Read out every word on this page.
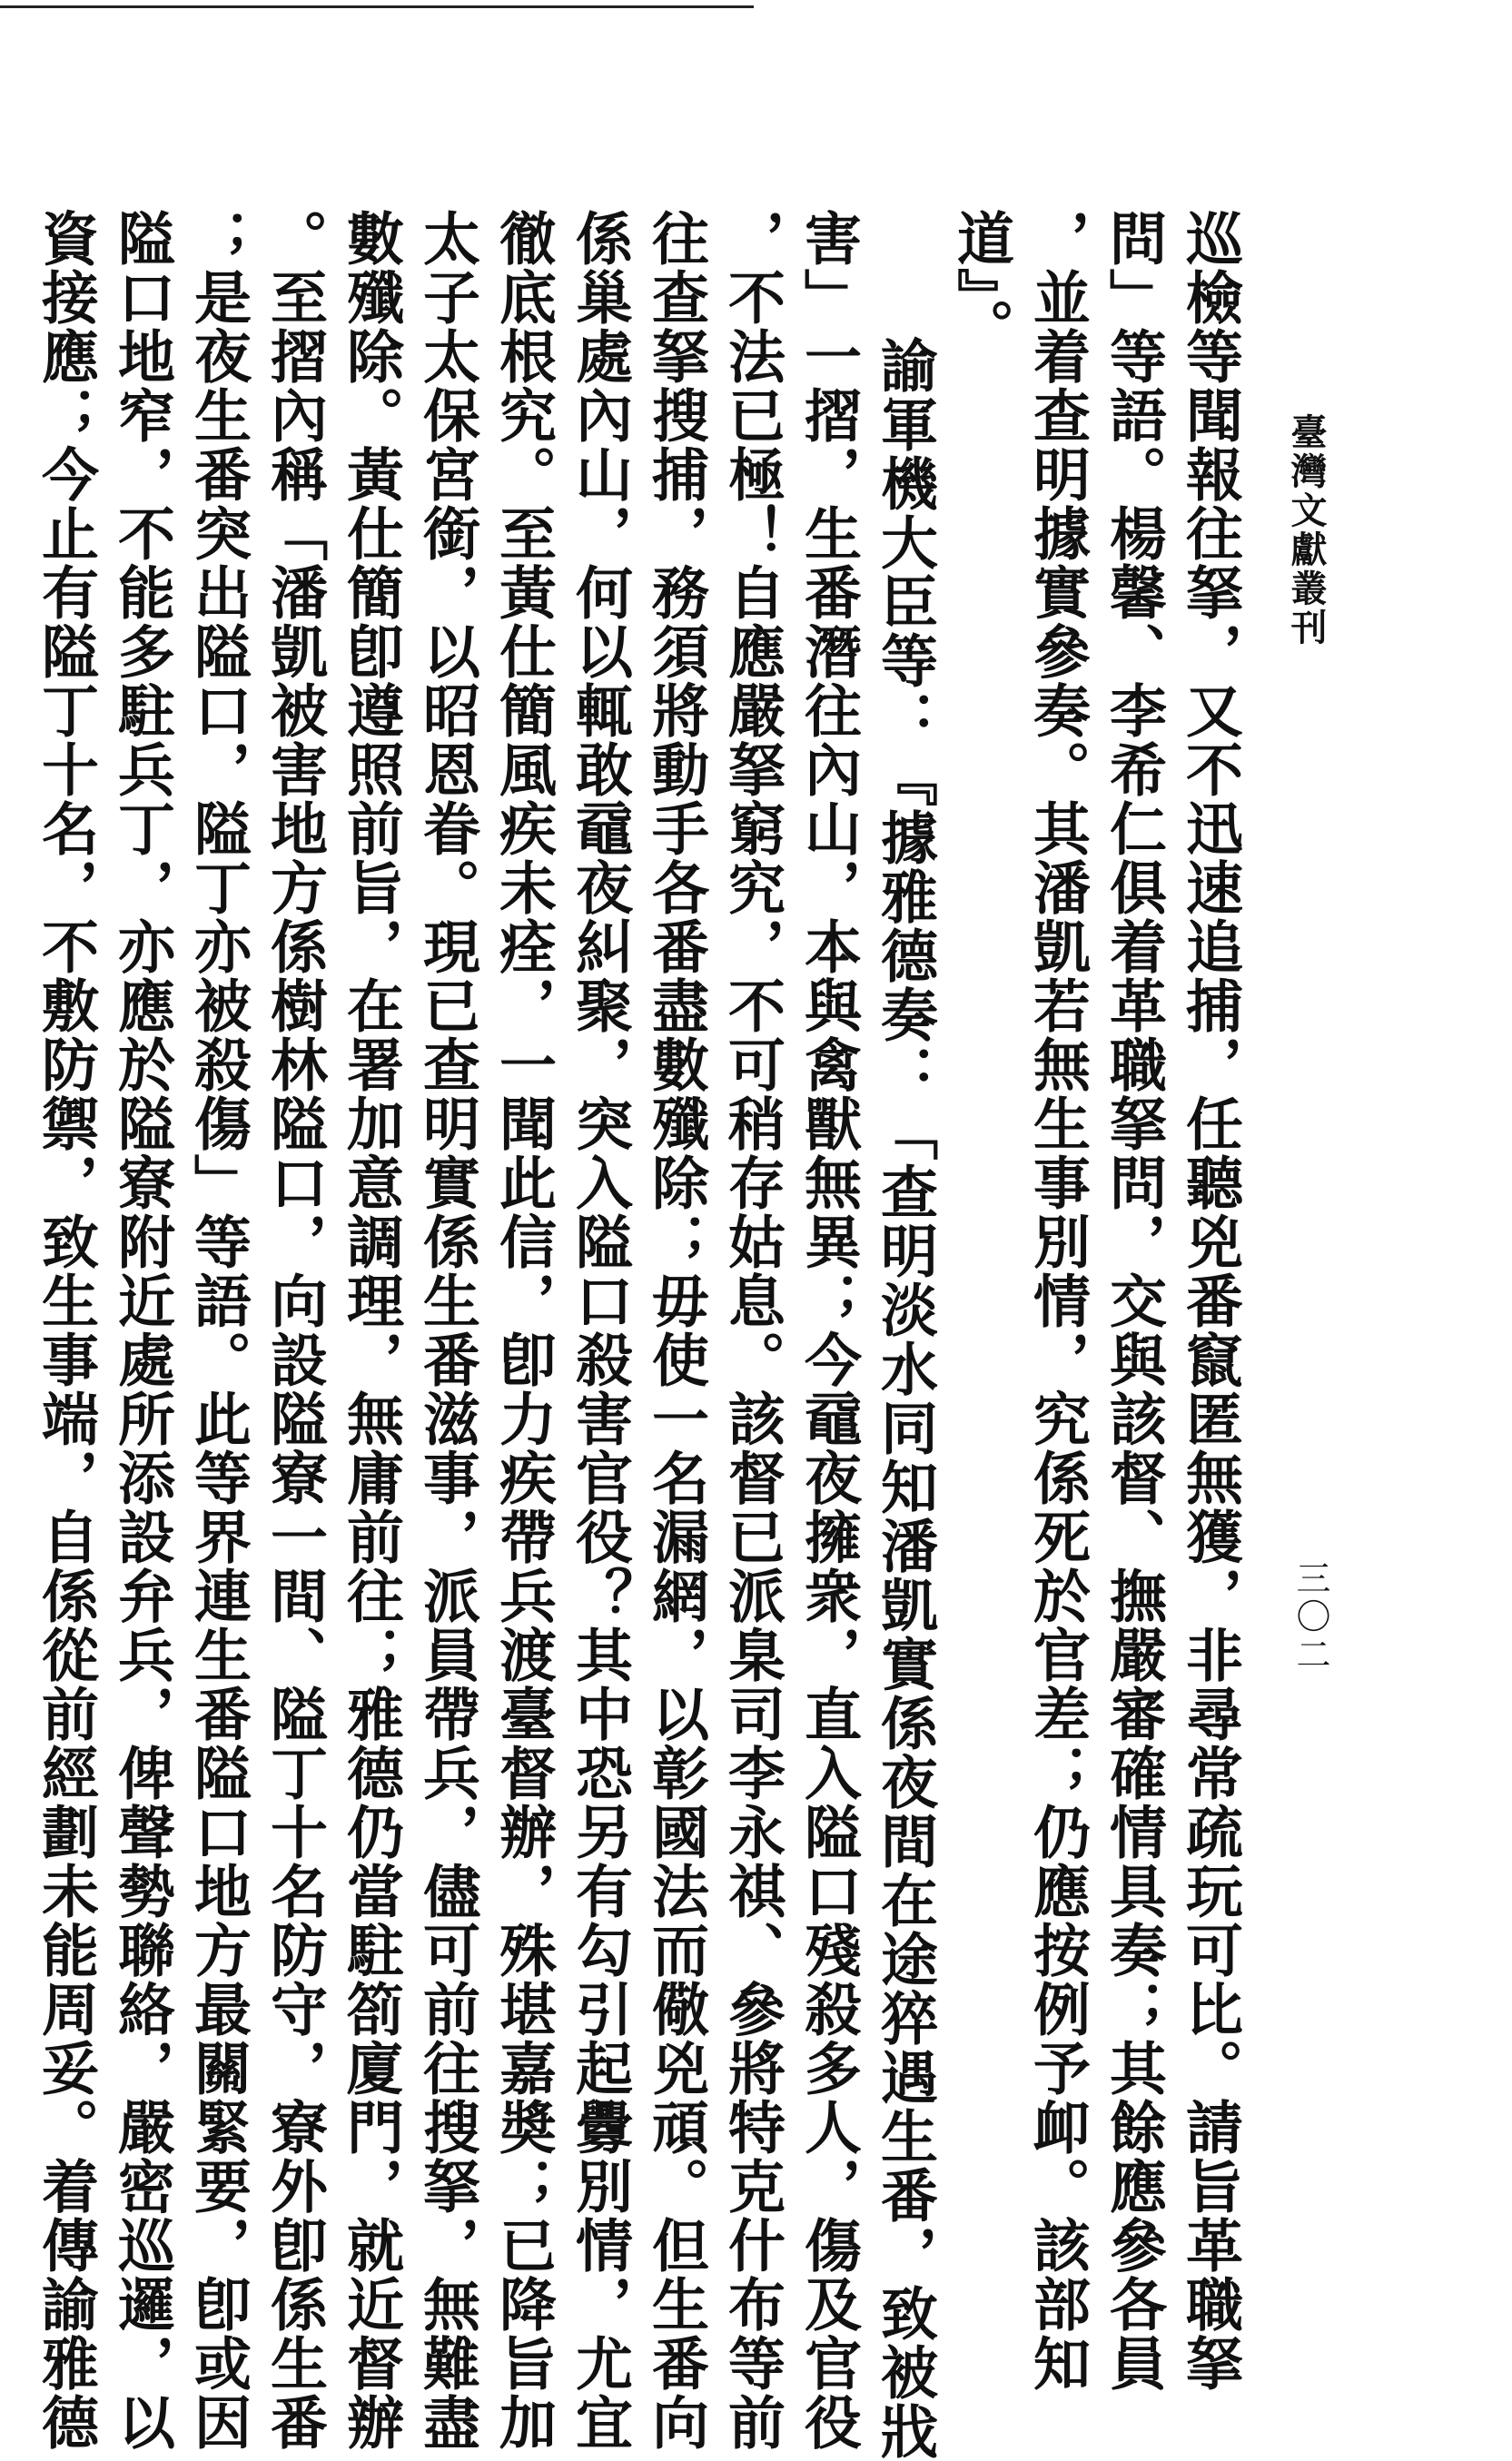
臺灣文獻叢刊
三〇二
巡檢等聞報往拏，又不迅速追捕，任聽兇番竄匿無獲，非尋常疏玩可比。請旨革職拏
問」等語。楊馨、李希仁俱着革職拏問，交與該督、撫嚴審確情具奏；其餘應參各員
，並着查明據實參奏。其潘凱若無生事別情，究係死於官差；仍應按例予卹。該部知
道』。
諭軍機大臣等：『據雅德奏：「查明淡水同知潘凱實係夜間在途猝遇生番，致被戕
害」一摺，生番潛往內山，本與禽獸無異；今黿夜擁衆，直入隘口殘殺多人，傷及官役
，不法已極！自應嚴拏窮究，不可稍存姑息。該督已派臬司李永祺、參將特克什布等前
往查拏搜捕，務須將動手各番盡數殲除；毋使一名漏網，以彰國法而儆兇頑。但生番向
係巢處內山，何以輒敢黿夜糾聚，突入隘口殺害官役？其中恐另有勾引起釁別情，尤宜
徹底根究。至黃仕簡風疾未痊，一聞此信，卽力疾帶兵渡臺督辦，殊堪嘉奬；已降旨加
太子太保宮銜，以昭恩眷。現已查明實係生番滋事，派員帶兵，儘可前往搜拏，無難盡
數殲除。黃仕簡卽遵照前旨，在署加意調理，無庸前往；雅德仍當駐箚廈門，就近督辦
。至摺內稱「潘凱被害地方係樹林隘口，向設隘寮一間、隘丁十名防守，寮外卽係生番
；是夜生番突出隘口，隘丁亦被殺傷」等語。此等界連生番隘口地方最關緊要，卽或因
隘口地窄，不能多駐兵丁，亦應於隘寮附近處所添設弁兵，俾聲勢聯絡，嚴密巡邏，以
資接應；今止有隘丁十名，不敷防禦，致生事端，自係從前經劃未能周妥。着傳諭雅德
